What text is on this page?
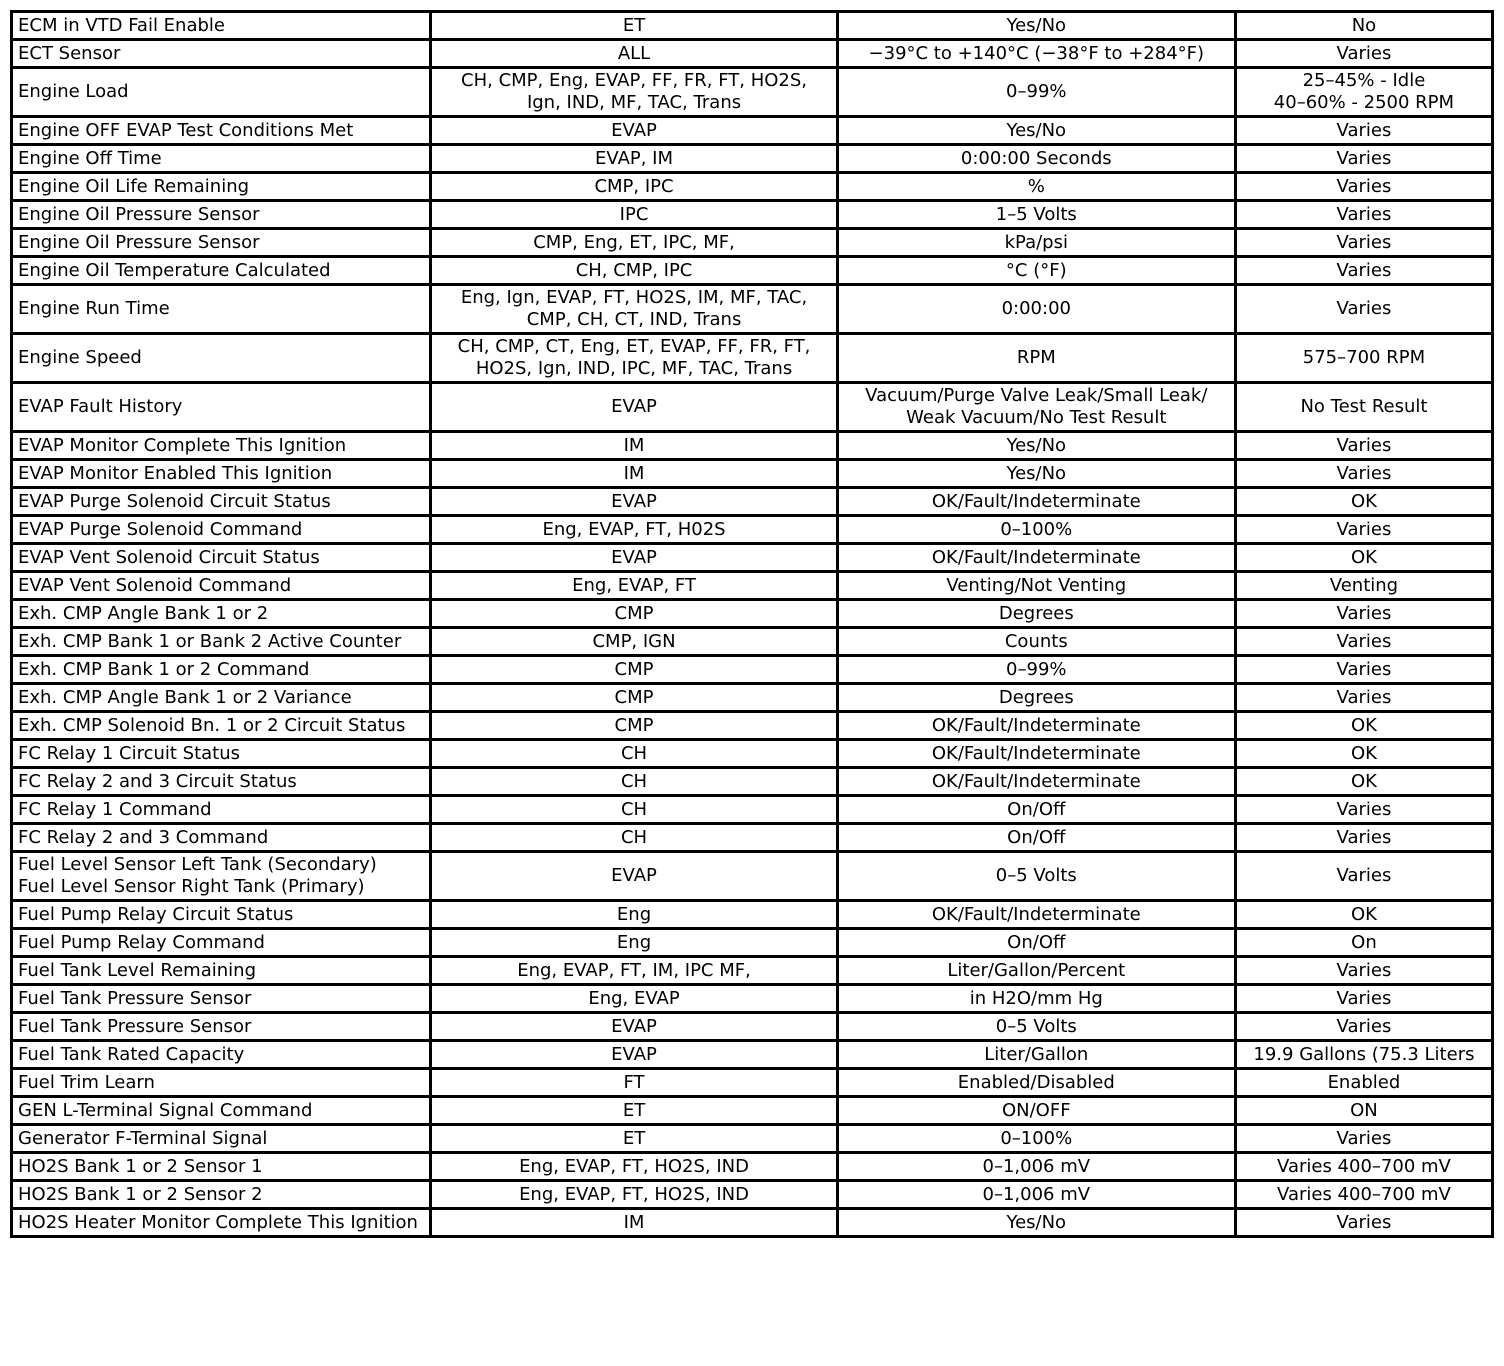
ECM in VTD Fail Enable	ET	Yes/No	No

ECT Sensor	ALL	−39°C to +140°C (−38°F to +284°F)	Varies

Engine Load	CH, CMP, Eng, EVAP, FF, FR, FT, HO2S,
Ign, IND, MF, TAC, Trans	0–99%	25–45% - Idle
40–60% - 2500 RPM

Engine OFF EVAP Test Conditions Met	EVAP	Yes/No	Varies

Engine Off Time	EVAP, IM	0:00:00 Seconds	Varies

Engine Oil Life Remaining	CMP, IPC	%	Varies

Engine Oil Pressure Sensor	IPC	1–5 Volts	Varies

Engine Oil Pressure Sensor	CMP, Eng, ET, IPC, MF,	kPa/psi	Varies

Engine Oil Temperature Calculated	CH, CMP, IPC	°C (°F)	Varies

Engine Run Time	Eng, Ign, EVAP, FT, HO2S, IM, MF, TAC,
CMP, CH, CT, IND, Trans	0:00:00	Varies

Engine Speed	CH, CMP, CT, Eng, ET, EVAP, FF, FR, FT,
HO2S, Ign, IND, IPC, MF, TAC, Trans	RPM	575–700 RPM

EVAP Fault History	EVAP	Vacuum/Purge Valve Leak/Small Leak/
Weak Vacuum/No Test Result	No Test Result

EVAP Monitor Complete This Ignition	IM	Yes/No	Varies

EVAP Monitor Enabled This Ignition	IM	Yes/No	Varies

EVAP Purge Solenoid Circuit Status	EVAP	OK/Fault/Indeterminate	OK

EVAP Purge Solenoid Command	Eng, EVAP, FT, H02S	0–100%	Varies

EVAP Vent Solenoid Circuit Status	EVAP	OK/Fault/Indeterminate	OK

EVAP Vent Solenoid Command	Eng, EVAP, FT	Venting/Not Venting	Venting

Exh. CMP Angle Bank 1 or 2	CMP	Degrees	Varies

Exh. CMP Bank 1 or Bank 2 Active Counter	CMP, IGN	Counts	Varies

Exh. CMP Bank 1 or 2 Command	CMP	0–99%	Varies

Exh. CMP Angle Bank 1 or 2 Variance	CMP	Degrees	Varies

Exh. CMP Solenoid Bn. 1 or 2 Circuit Status	CMP	OK/Fault/Indeterminate	OK

FC Relay 1 Circuit Status	CH	OK/Fault/Indeterminate	OK

FC Relay 2 and 3 Circuit Status	CH	OK/Fault/Indeterminate	OK

FC Relay 1 Command	CH	On/Off	Varies

FC Relay 2 and 3 Command	CH	On/Off	Varies

Fuel Level Sensor Left Tank (Secondary)
Fuel Level Sensor Right Tank (Primary)	EVAP	0–5 Volts	Varies

Fuel Pump Relay Circuit Status	Eng	OK/Fault/Indeterminate	OK

Fuel Pump Relay Command	Eng	On/Off	On

Fuel Tank Level Remaining	Eng, EVAP, FT, IM, IPC MF,	Liter/Gallon/Percent	Varies

Fuel Tank Pressure Sensor	Eng, EVAP	in H2O/mm Hg	Varies

Fuel Tank Pressure Sensor	EVAP	0–5 Volts	Varies

Fuel Tank Rated Capacity	EVAP	Liter/Gallon	19.9 Gallons (75.3 Liters

Fuel Trim Learn	FT	Enabled/Disabled	Enabled

GEN L-Terminal Signal Command	ET	ON/OFF	ON

Generator F-Terminal Signal	ET	0–100%	Varies

HO2S Bank 1 or 2 Sensor 1	Eng, EVAP, FT, HO2S, IND	0–1,006 mV	Varies 400–700 mV

HO2S Bank 1 or 2 Sensor 2	Eng, EVAP, FT, HO2S, IND	0–1,006 mV	Varies 400–700 mV

HO2S Heater Monitor Complete This Ignition	IM	Yes/No	Varies
